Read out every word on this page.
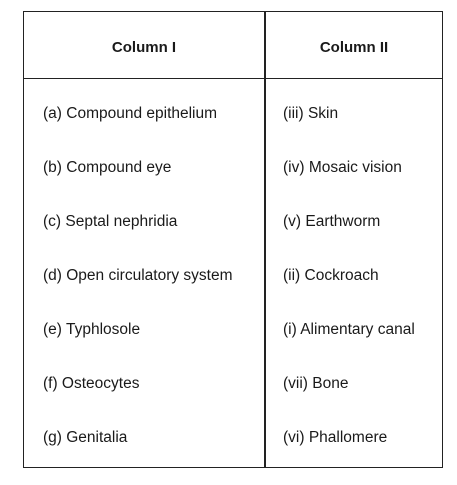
Column I	Column II
(a) Compound epithelium	(iii) Skin
(b) Compound eye	(iv) Mosaic vision
(c) Septal nephridia	(v) Earthworm
(d) Open circulatory system	(ii) Cockroach
(e) Typhlosole	(i) Alimentary canal
(f) Osteocytes	(vii) Bone
(g) Genitalia	(vi) Phallomere
